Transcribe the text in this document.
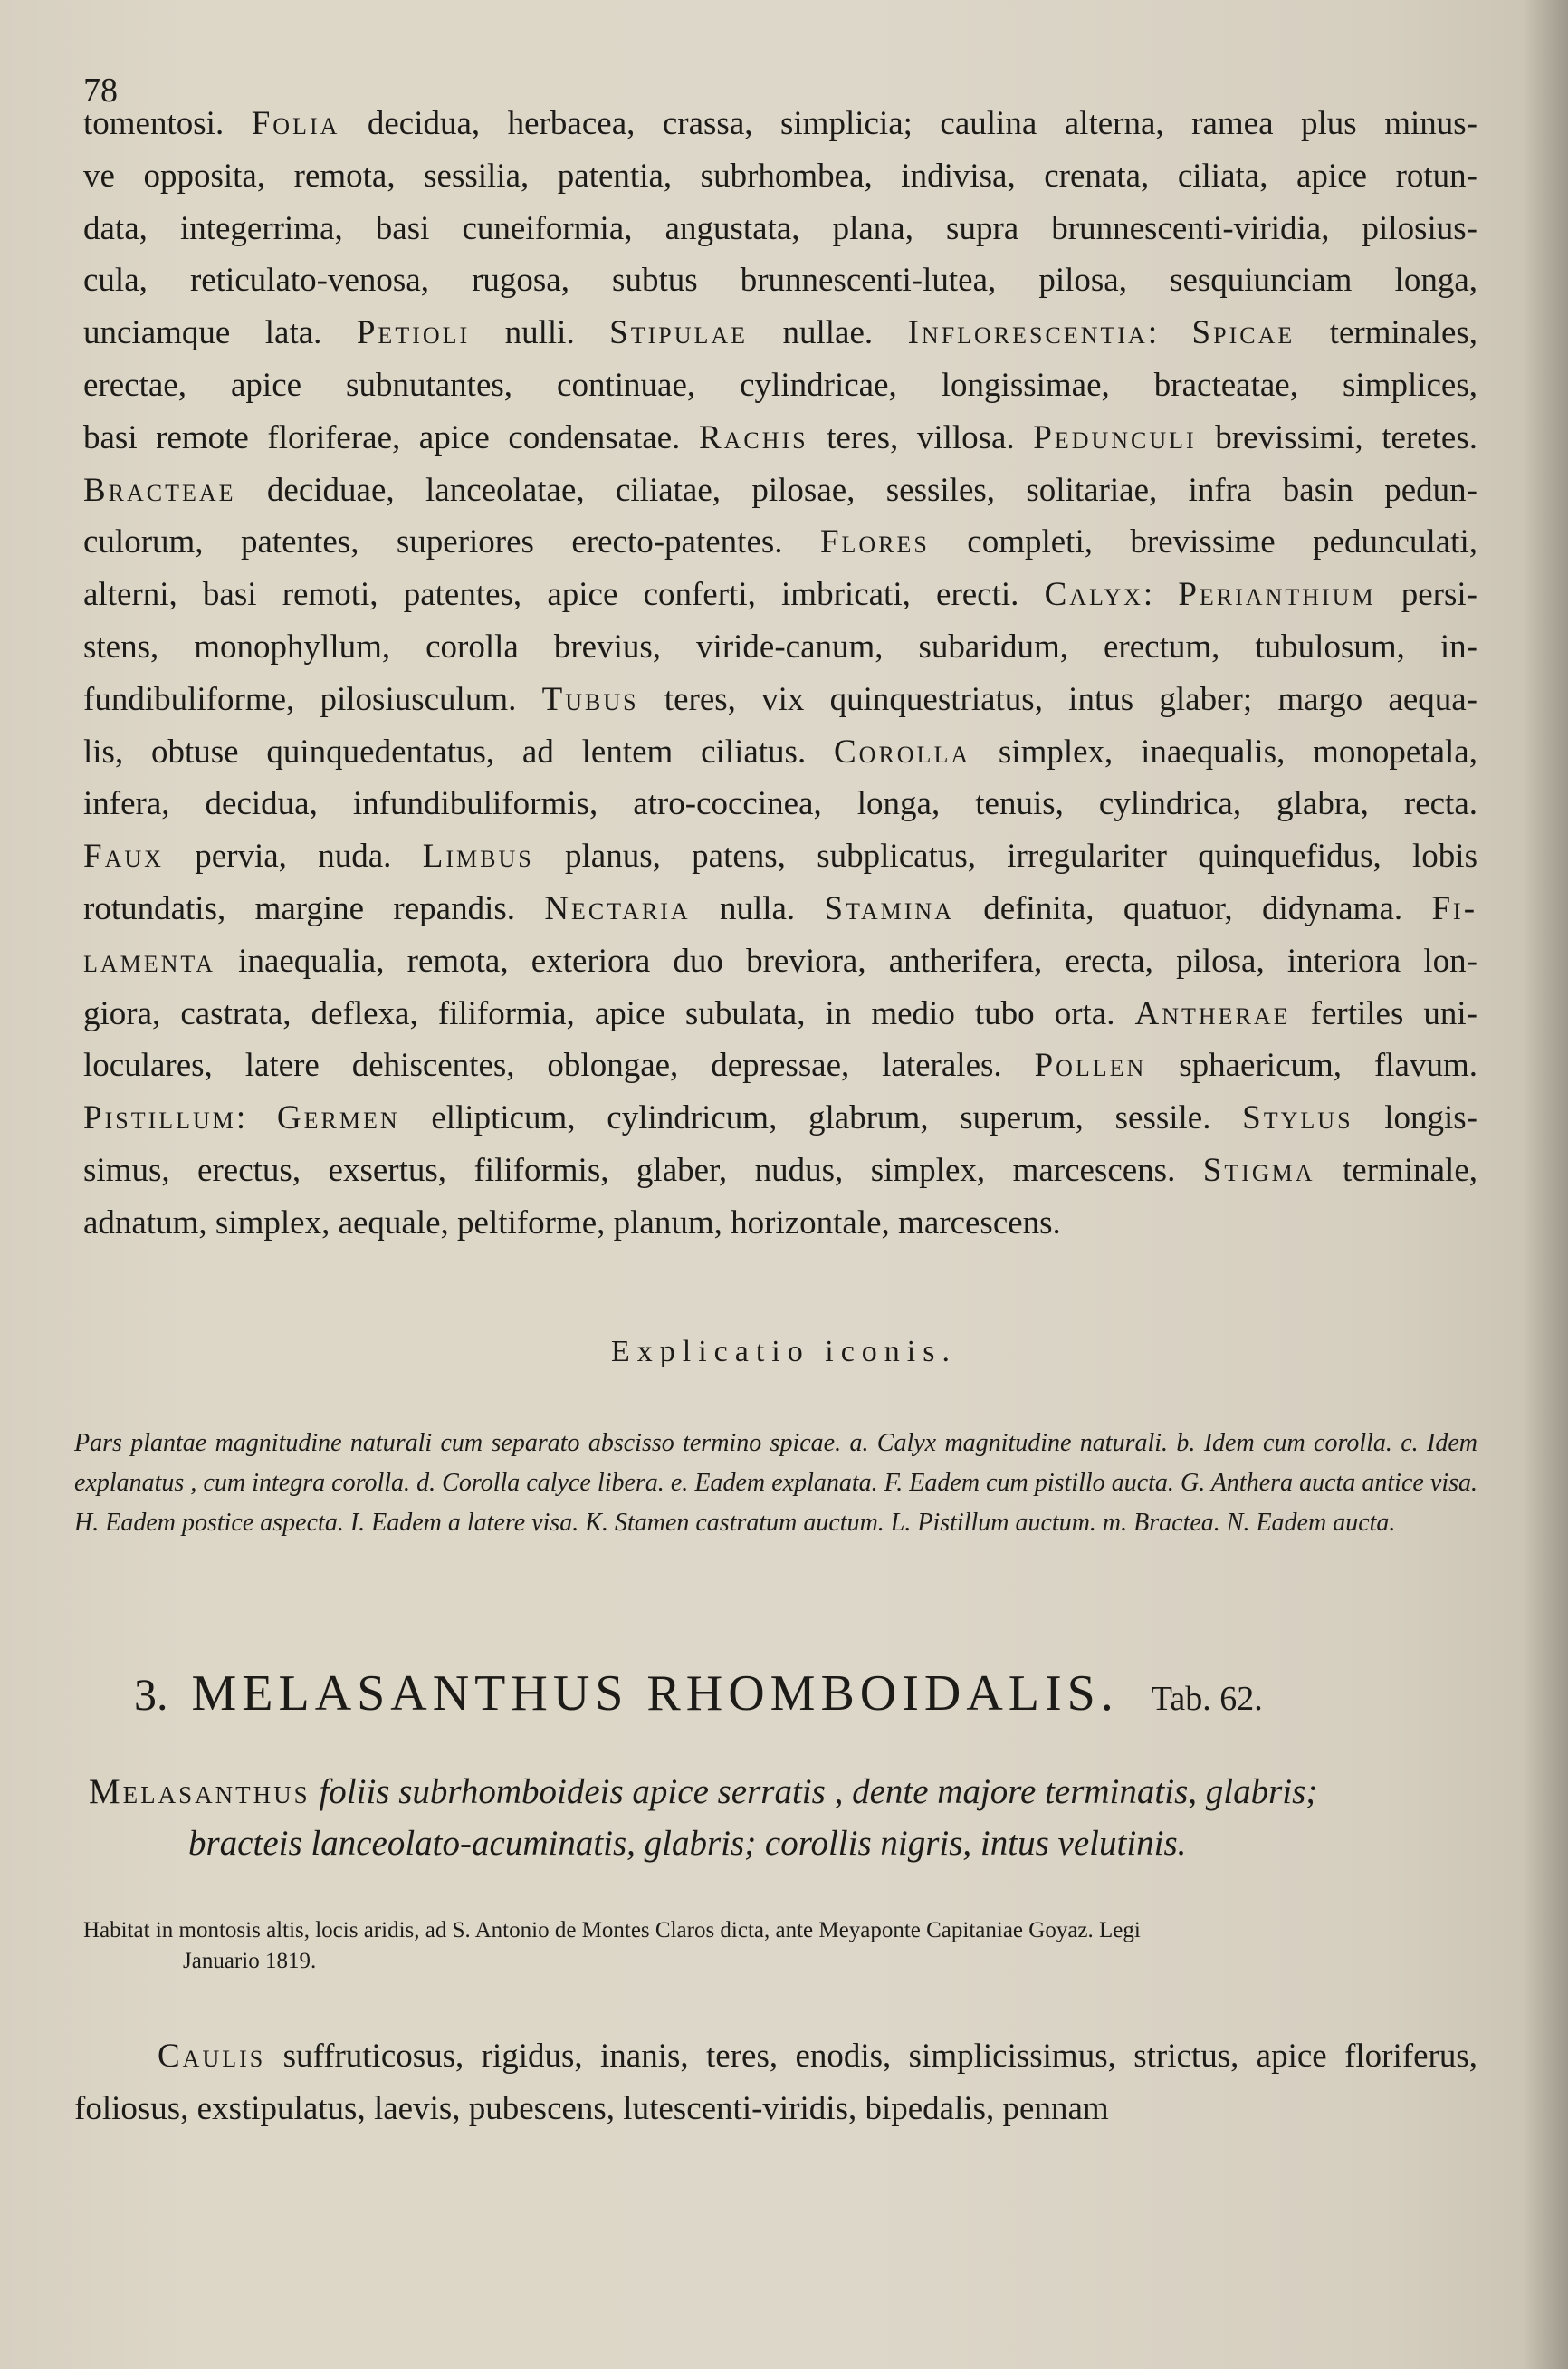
78

tomentosi. Folia decidua, herbacea, crassa, simplicia; caulina alterna, ramea plus minus-

ve opposita, remota, sessilia, patentia, subrhombea, indivisa, crenata, ciliata, apice rotun-

data, integerrima, basi cuneiformia, angustata, plana, supra brunnescenti-viridia, pilosius-

cula, reticulato-venosa, rugosa, subtus brunnescenti-lutea, pilosa, sesquiunciam longa,

unciamque lata. Petioli nulli. Stipulae nullae. Inflorescentia: Spicae terminales,

erectae, apice subnutantes, continuae, cylindricae, longissimae, bracteatae, simplices,

basi remote floriferae, apice condensatae. Rachis teres, villosa. Pedunculi brevissimi, teretes.

Bracteae deciduae, lanceolatae, ciliatae, pilosae, sessiles, solitariae, infra basin pedun-

culorum, patentes, superiores erecto-patentes. Flores completi, brevissime pedunculati,

alterni, basi remoti, patentes, apice conferti, imbricati, erecti. Calyx: Perianthium persi-

stens, monophyllum, corolla brevius, viride-canum, subaridum, erectum, tubulosum, in-

fundibuliforme, pilosiusculum. Tubus teres, vix quinquestriatus, intus glaber; margo aequa-

lis, obtuse quinquedentatus, ad lentem ciliatus. Corolla simplex, inaequalis, monopetala,

infera, decidua, infundibuliformis, atro-coccinea, longa, tenuis, cylindrica, glabra, recta.

Faux pervia, nuda. Limbus planus, patens, subplicatus, irregulariter quinquefidus, lobis

rotundatis, margine repandis. Nectaria nulla. Stamina definita, quatuor, didynama. Fi-

lamenta inaequalia, remota, exteriora duo breviora, antherifera, erecta, pilosa, interiora lon-

giora, castrata, deflexa, filiformia, apice subulata, in medio tubo orta. Antherae fertiles uni-

loculares, latere dehiscentes, oblongae, depressae, laterales. Pollen sphaericum, flavum.

Pistillum: Germen ellipticum, cylindricum, glabrum, superum, sessile. Stylus longis-

simus, erectus, exsertus, filiformis, glaber, nudus, simplex, marcescens. Stigma terminale,

adnatum, simplex, aequale, peltiforme, planum, horizontale, marcescens.

Explicatio iconis.
Pars plantae magnitudine naturali cum separato abscisso termino spicae. a. Calyx magnitudine naturali. b. Idem cum corolla. c. Idem explanatus , cum integra corolla. d. Corolla calyce libera. e. Eadem explanata. F. Eadem cum pistillo aucta. G. Anthera aucta antice visa. H. Eadem postice aspecta. I. Eadem a latere visa. K. Stamen castratum auctum. L. Pistillum auctum. m. Bractea. N. Eadem aucta.
3. MELASANTHUS RHOMBOIDALIS. Tab. 62.
Melasanthus foliis subrhomboideis apice serratis , dente majore terminatis, glabris;
bracteis lanceolato-acuminatis, glabris; corollis nigris, intus velutinis.
Habitat in montosis altis, locis aridis, ad S. Antonio de Montes Claros dicta, ante Meyaponte Capitaniae Goyaz. Legi
Januario 1819.
Caulis suffruticosus, rigidus, inanis, teres, enodis, simplicissimus, strictus, apice floriferus, foliosus, exstipulatus, laevis, pubescens, lutescenti-viridis, bipedalis, pennam
